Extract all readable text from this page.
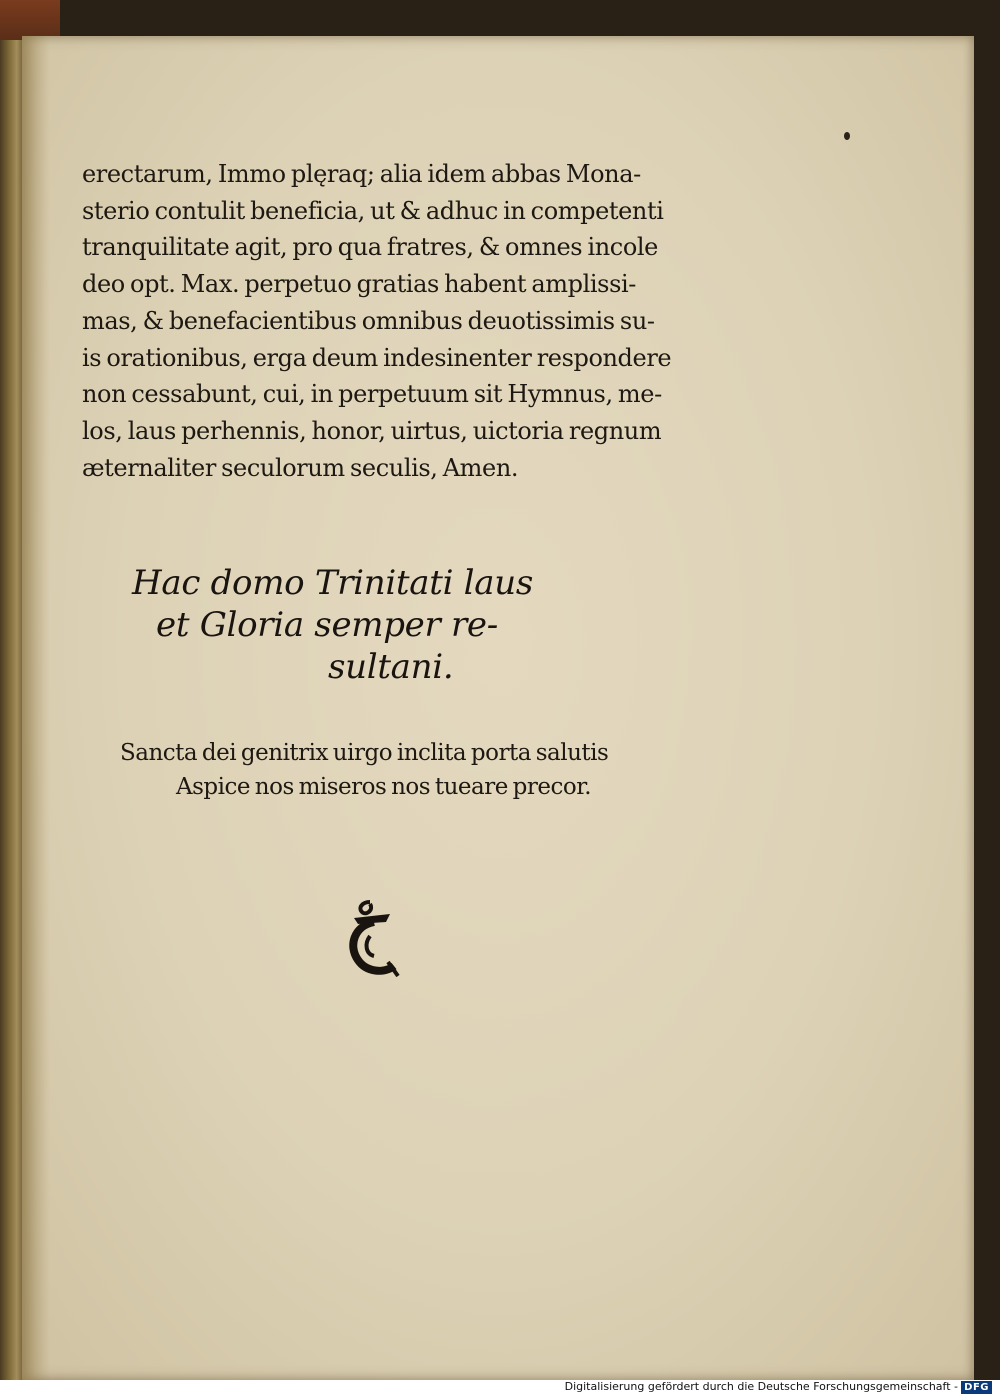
erectarum, Immo plęraq; alia idem abbas Mona-
sterio contulit beneficia, ut & adhuc in competenti
tranquilitate agit, pro qua fratres, & omnes incole
deo opt. Max. perpetuo gratias habent amplissi-
mas, & benefacientibus omnibus deuotissimis su-
is orationibus, erga deum indesinenter respondere
non cessabunt, cui, in perpetuum sit Hymnus, me-
los, laus perhennis, honor, uirtus, uictoria regnum
æternaliter seculorum seculis, Amen.
Hac domo Trinitati laus
et Gloria semper re-
sultani.
Sancta dei genitrix uirgo inclita porta salutis
Aspice nos miseros nos tueare precor.
Digitalisierung gefördert durch die Deutsche Forschungsgemeinschaft - DFG
